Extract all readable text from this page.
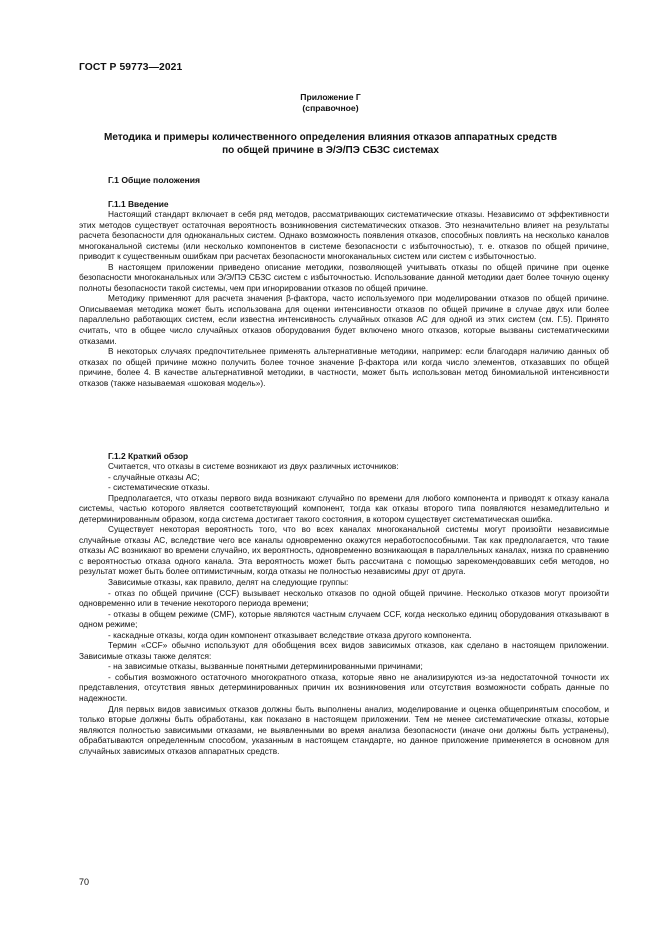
ГОСТ Р 59773—2021
Приложение Г
(справочное)
Методика и примеры количественного определения влияния отказов аппаратных средств
по общей причине в Э/Э/ПЭ СБЗС системах
Г.1 Общие положения
Г.1.1 Введение

Настоящий стандарт включает в себя ряд методов, рассматривающих систематические отказы. Независимо от эффективности этих методов существует остаточная вероятность возникновения систематических отказов. Это незначительно влияет на результаты расчета безопасности для одноканальных систем. Однако возможность появления отказов, способных повлиять на несколько каналов многоканальной системы (или несколько компонентов в системе безопасности с избыточностью), т. е. отказов по общей причине, приводит к существенным ошибкам при расчетах безопасности многоканальных систем или систем с избыточностью.

В настоящем приложении приведено описание методики, позволяющей учитывать отказы по общей причине при оценке безопасности многоканальных или Э/Э/ПЭ СБЗС систем с избыточностью. Использование данной методики дает более точную оценку полноты безопасности такой системы, чем при игнорировании отказов по общей причине.

Методику применяют для расчета значения β-фактора, часто используемого при моделировании отказов по общей причине. Описываемая методика может быть использована для оценки интенсивности отказов по общей причине в случае двух или более параллельно работающих систем, если известна интенсивность случайных отказов АС для одной из этих систем (см. Г.5). Принято считать, что в общее число случайных отказов оборудования будет включено много отказов, которые вызваны систематическими отказами.

В некоторых случаях предпочтительнее применять альтернативные методики, например: если благодаря наличию данных об отказах по общей причине можно получить более точное значение β-фактора или когда число элементов, отказавших по общей причине, более 4. В качестве альтернативной методики, в частности, может быть использован метод биномиальной интенсивности отказов (также называемая «шоковая модель»).

Г.1.2 Краткий обзор

Считается, что отказы в системе возникают из двух различных источников:

- случайные отказы АС;

- систематические отказы.

Предполагается, что отказы первого вида возникают случайно по времени для любого компонента и приводят к отказу канала системы, частью которого является соответствующий компонент, тогда как отказы второго типа появляются незамедлительно и детерминированным образом, когда система достигает такого состояния, в котором существует систематическая ошибка.

Существует некоторая вероятность того, что во всех каналах многоканальной системы могут произойти независимые случайные отказы АС, вследствие чего все каналы одновременно окажутся неработоспособными. Так как предполагается, что такие отказы АС возникают во времени случайно, их вероятность, одновременно возникающая в параллельных каналах, низка по сравнению с вероятностью отказа одного канала. Эта вероятность может быть рассчитана с помощью зарекомендовавших себя методов, но результат может быть более оптимистичным, когда отказы не полностью независимы друг от друга.

Зависимые отказы, как правило, делят на следующие группы:

- отказ по общей причине (CCF) вызывает несколько отказов по одной общей причине. Несколько отказов могут произойти одновременно или в течение некоторого периода времени;

- отказы в общем режиме (CMF), которые являются частным случаем CCF, когда несколько единиц оборудования отказывают в одном режиме;

- каскадные отказы, когда один компонент отказывает вследствие отказа другого компонента.

Термин «CCF» обычно используют для обобщения всех видов зависимых отказов, как сделано в настоящем приложении. Зависимые отказы также делятся:

- на зависимые отказы, вызванные понятными детерминированными причинами;

- события возможного остаточного многократного отказа, которые явно не анализируются из-за недостаточной точности их представления, отсутствия явных детерминированных причин их возникновения или отсутствия возможности собрать данные по надежности.

Для первых видов зависимых отказов должны быть выполнены анализ, моделирование и оценка общепринятым способом, и только вторые должны быть обработаны, как показано в настоящем приложении. Тем не менее систематические отказы, которые являются полностью зависимыми отказами, не выявленными во время анализа безопасности (иначе они должны быть устранены), обрабатываются определенным способом, указанным в настоящем стандарте, но данное приложение применяется в основном для случайных зависимых отказов аппаратных средств.

70
